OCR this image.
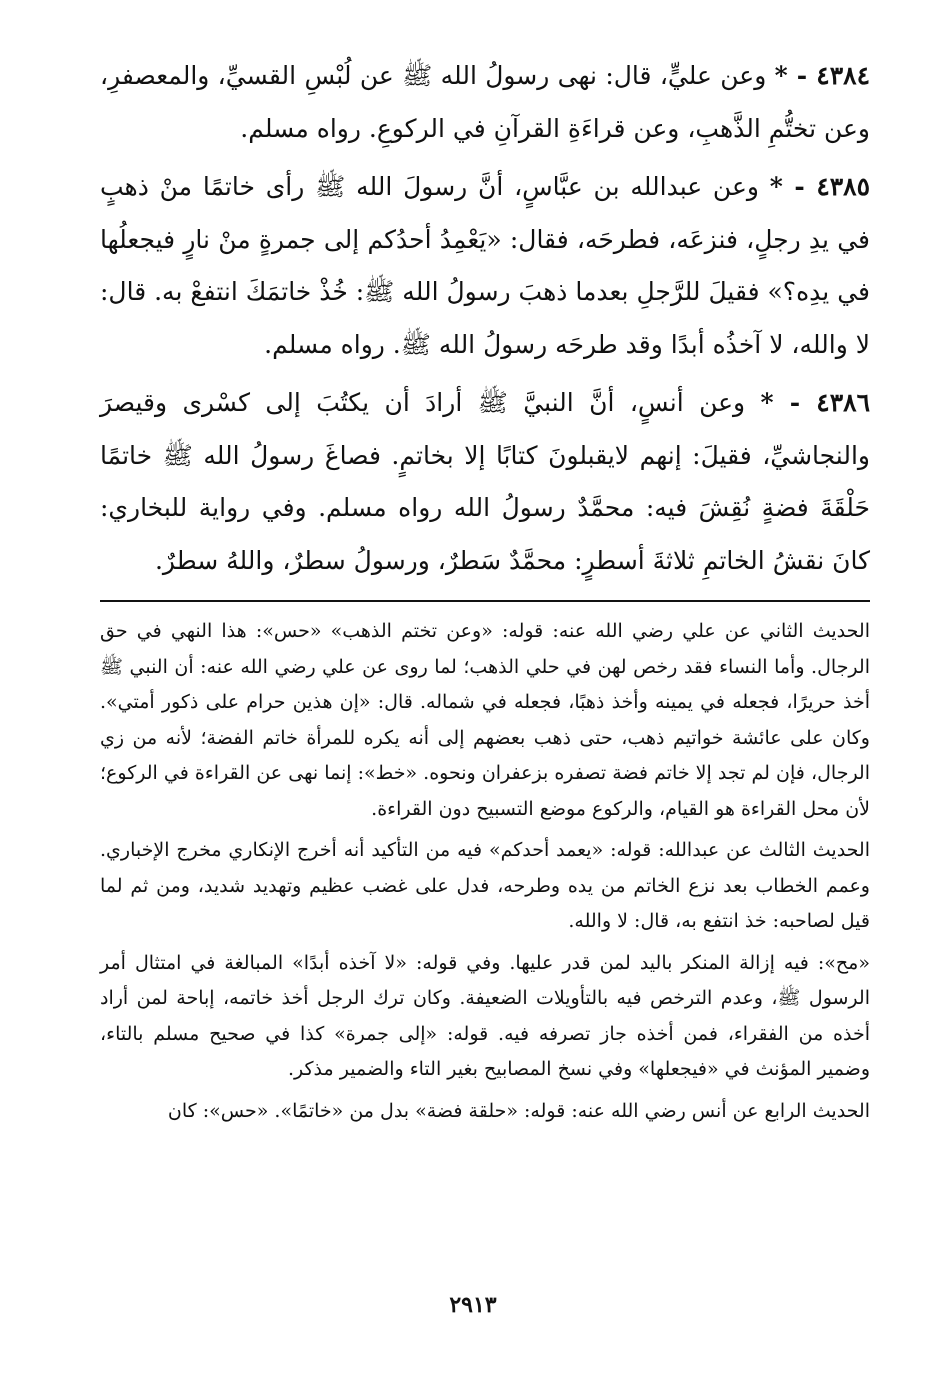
٤٣٨٤ - * وعن عليٍّ، قال: نهى رسولُ الله ﷺ عن لُبْسِ القسيِّ، والمعصفرِ، وعن تختُّمِ الذَّهبِ، وعن قراءَةِ القرآنِ في الركوعِ. رواه مسلم.

٤٣٨٥ - * وعن عبدالله بن عبَّاسٍ، أنَّ رسولَ الله ﷺ رأى خاتمًا منْ ذهبٍ في يدِ رجلٍ، فنزعَه، فطرحَه، فقال: «يَعْمِدُ أحدُكم إلى جمرةٍ منْ نارٍ فيجعلُها في يدِه؟» فقيلَ للرَّجلِ بعدما ذهبَ رسولُ الله ﷺ: خُذْ خاتمَكَ انتفعْ به. قال: لا والله، لا آخذُه أبدًا وقد طرحَه رسولُ الله ﷺ. رواه مسلم.

٤٣٨٦ - * وعن أنسٍ، أنَّ النبيَّ ﷺ أرادَ أن يكتُبَ إلى كسْرى وقيصرَ والنجاشيِّ، فقيلَ: إنهم لايقبلونَ كتابًا إلا بخاتمٍ. فصاغَ رسولُ الله ﷺ خاتمًا حَلْقَةَ فضةٍ نُقِشَ فيه: محمَّدٌ رسولُ الله رواه مسلم. وفي رواية للبخاري: كانَ نقشُ الخاتمِ ثلاثةَ أسطرٍ: محمَّدٌ سَطرٌ، ورسولُ سطرٌ، واللهُ سطرٌ.

الحديث الثاني عن علي رضي الله عنه: قوله: «وعن تختم الذهب» «حس»: هذا النهي في حق الرجال. وأما النساء فقد رخص لهن في حلي الذهب؛ لما روى عن علي رضي الله عنه: أن النبي ﷺ أخذ حريرًا، فجعله في يمينه وأخذ ذهبًا، فجعله في شماله. قال: «إن هذين حرام على ذكور أمتي». وكان على عائشة خواتيم ذهب، حتى ذهب بعضهم إلى أنه يكره للمرأة خاتم الفضة؛ لأنه من زي الرجال، فإن لم تجد إلا خاتم فضة تصفره بزعفران ونحوه. «خط»: إنما نهى عن القراءة في الركوع؛ لأن محل القراءة هو القيام، والركوع موضع التسبيح دون القراءة.

الحديث الثالث عن عبدالله: قوله: «يعمد أحدكم» فيه من التأكيد أنه أخرج الإنكاري مخرج الإخباري. وعمم الخطاب بعد نزع الخاتم من يده وطرحه، فدل على غضب عظيم وتهديد شديد، ومن ثم لما قيل لصاحبه: خذ انتفع به، قال: لا والله.

«مح»: فيه إزالة المنكر باليد لمن قدر عليها. وفي قوله: «لا آخذه أبدًا» المبالغة في امتثال أمر الرسول ﷺ، وعدم الترخص فيه بالتأويلات الضعيفة. وكان ترك الرجل أخذ خاتمه، إباحة لمن أراد أخذه من الفقراء، فمن أخذه جاز تصرفه فيه. قوله: «إلى جمرة» كذا في صحيح مسلم بالتاء، وضمير المؤنث في «فيجعلها» وفي نسخ المصابيح بغير التاء والضمير مذكر.

الحديث الرابع عن أنس رضي الله عنه: قوله: «حلقة فضة» بدل من «خاتمًا». «حس»: كان

٢٩١٣
